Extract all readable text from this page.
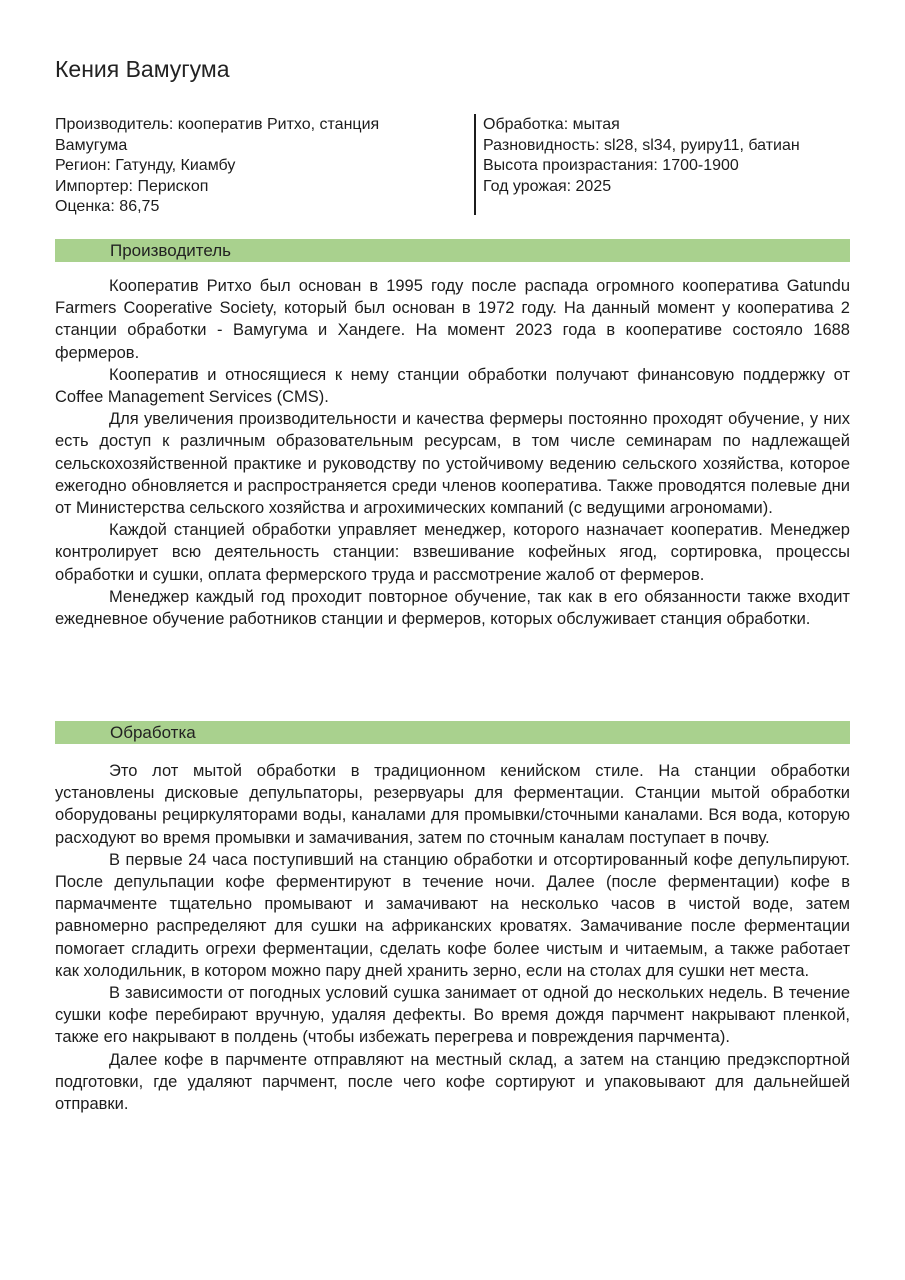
Кения Вамугума
Производитель: кооператив Ритхо, станция Вамугума
Регион: Гатунду, Киамбу
Импортер: Перископ
Оценка: 86,75
Обработка: мытая
Разновидность: sl28, sl34, руиру11, батиан
Высота произрастания: 1700-1900
Год урожая: 2025
Производитель

Кооператив Ритхо был основан в 1995 году после распада огромного кооператива Gatundu Farmers Cooperative Society, который был основан в 1972 году. На данный момент у кооператива 2 станции обработки - Вамугума и Хандеге. На момент 2023 года в кооперативе состояло 1688 фермеров.

Кооператив и относящиеся к нему станции обработки получают финансовую поддержку от Coffee Management Services (CMS).

Для увеличения производительности и качества фермеры постоянно проходят обучение, у них есть доступ к различным образовательным ресурсам, в том числе семинарам по надлежащей сельскохозяйственной практике и руководству по устойчивому ведению сельского хозяйства, которое ежегодно обновляется и распространяется среди членов кооператива. Также проводятся полевые дни от Министерства сельского хозяйства и агрохимических компаний (с ведущими агрономами).

Каждой станцией обработки управляет менеджер, которого назначает кооператив. Менеджер контролирует всю деятельность станции: взвешивание кофейных ягод, сортировка, процессы обработки и сушки, оплата фермерского труда и рассмотрение жалоб от фермеров.

Менеджер каждый год проходит повторное обучение, так как в его обязанности также входит ежедневное обучение работников станции и фермеров, которых обслуживает станция обработки.

Обработка

Это лот мытой обработки в традиционном кенийском стиле. На станции обработки установлены дисковые депульпаторы, резервуары для ферментации. Станции мытой обработки оборудованы рециркуляторами воды, каналами для промывки/сточными каналами. Вся вода, которую расходуют во время промывки и замачивания, затем по сточным каналам поступает в почву.

В первые 24 часа поступивший на станцию обработки и отсортированный кофе депульпируют. После депульпации кофе ферментируют в течение ночи. Далее (после ферментации) кофе в пармачменте тщательно промывают и замачивают на несколько часов в чистой воде, затем равномерно распределяют для сушки на африканских кроватях. Замачивание после ферментации помогает сгладить огрехи ферментации, сделать кофе более чистым и читаемым, а также работает как холодильник, в котором можно пару дней хранить зерно, если на столах для сушки нет места.

В зависимости от погодных условий сушка занимает от одной до нескольких недель. В течение сушки кофе перебирают вручную, удаляя дефекты. Во время дождя парчмент накрывают пленкой, также его накрывают в полдень (чтобы избежать перегрева и повреждения парчмента).

Далее кофе в парчменте отправляют на местный склад, а затем на станцию предэкспортной подготовки, где удаляют парчмент, после чего кофе сортируют и упаковывают для дальнейшей отправки.
